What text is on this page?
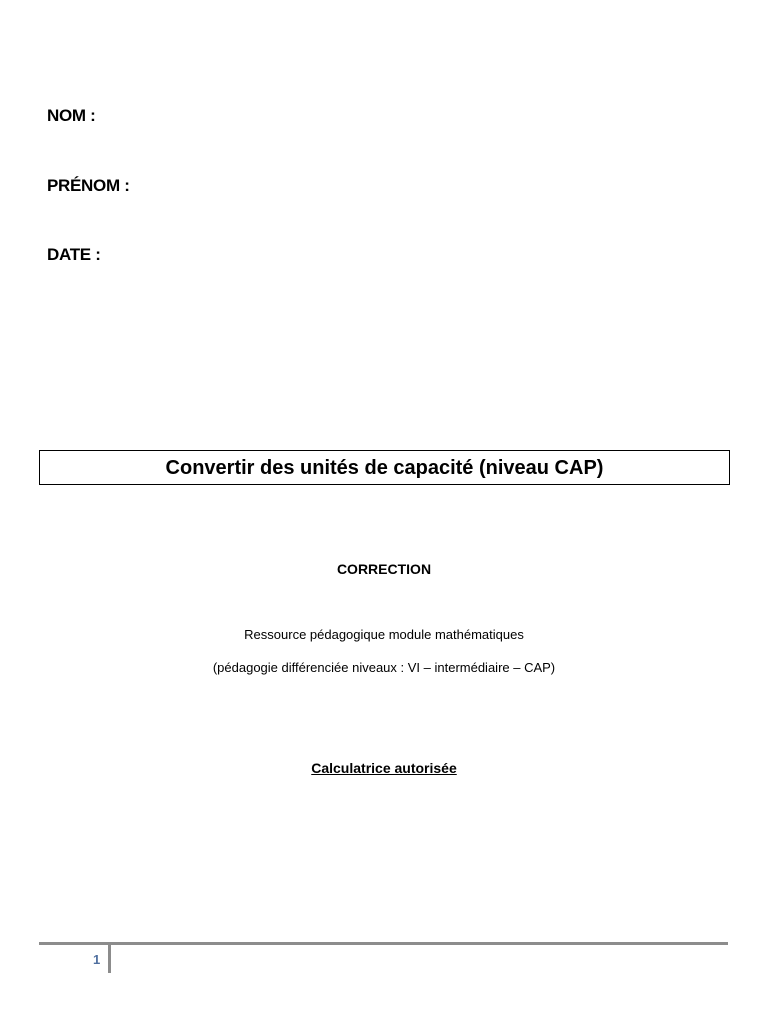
NOM :

PRÉNOM :

DATE :

Convertir des unités de capacité (niveau CAP)

CORRECTION

Ressource pédagogique module mathématiques

(pédagogie différenciée niveaux : VI – intermédiaire – CAP)

Calculatrice autorisée

1
